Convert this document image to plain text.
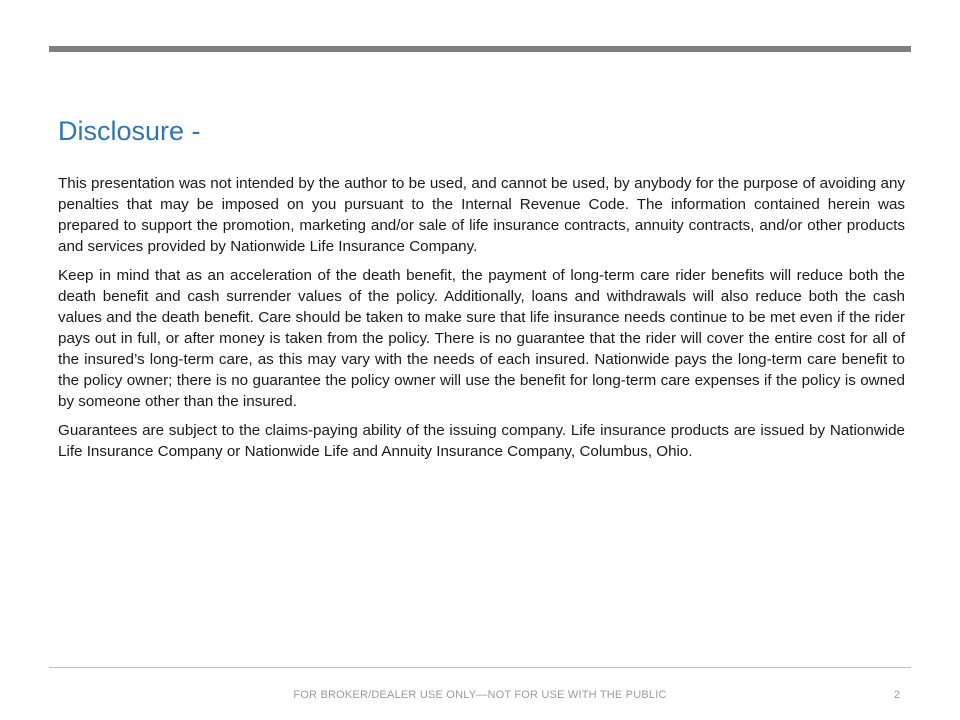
Disclosure -

This presentation was not intended by the author to be used, and cannot be used, by anybody for the purpose of avoiding any penalties that may be imposed on you pursuant to the Internal Revenue Code. The information contained herein was prepared to support the promotion, marketing and/or sale of life insurance contracts, annuity contracts, and/or other products and services provided by Nationwide Life Insurance Company.

Keep in mind that as an acceleration of the death benefit, the payment of long-term care rider benefits will reduce both the death benefit and cash surrender values of the policy. Additionally, loans and withdrawals will also reduce both the cash values and the death benefit. Care should be taken to make sure that life insurance needs continue to be met even if the rider pays out in full, or after money is taken from the policy. There is no guarantee that the rider will cover the entire cost for all of the insured’s long-term care, as this may vary with the needs of each insured. Nationwide pays the long-term care benefit to the policy owner; there is no guarantee the policy owner will use the benefit for long-term care expenses if the policy is owned by someone other than the insured.

Guarantees are subject to the claims-paying ability of the issuing company. Life insurance products are issued by Nationwide Life Insurance Company or Nationwide Life and Annuity Insurance Company, Columbus, Ohio.

FOR BROKER/DEALER USE ONLY—NOT FOR USE WITH THE PUBLIC	2
